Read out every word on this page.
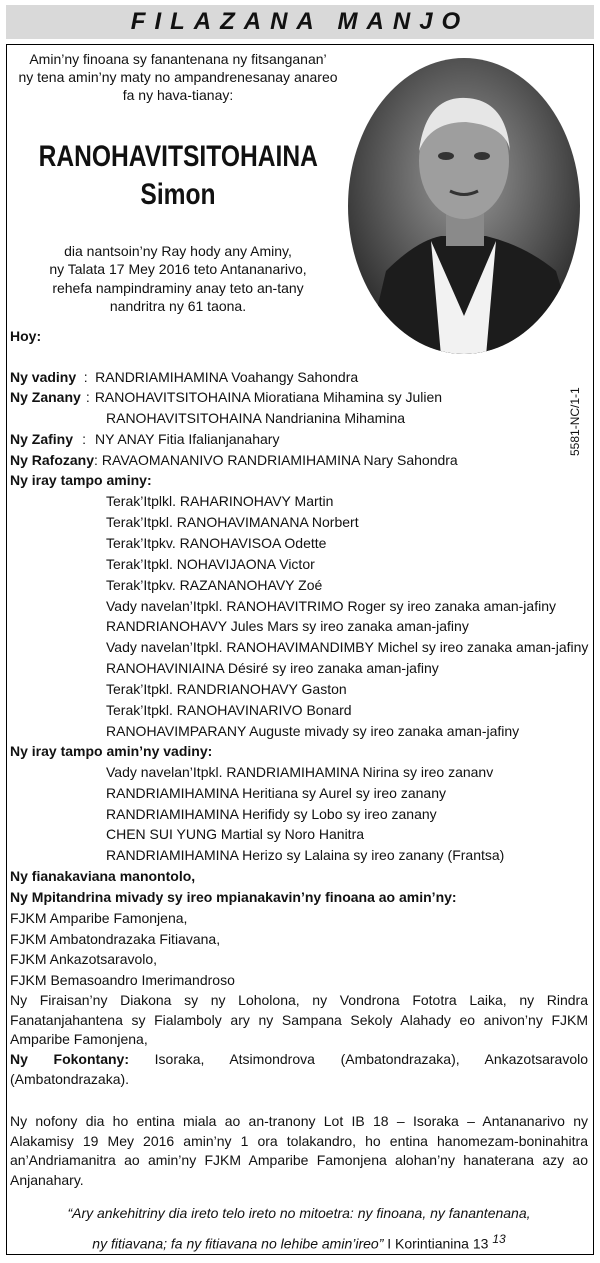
FILAZANA MANJO
Amin’ny finoana sy fanantenana ny fitsanganan’
ny tena amin’ny maty no ampandrenesanay anareo
fa ny hava-tianay:
RANOHAVITSITOHAINA
Simon
dia nantsoin’ny Ray hody any Aminy,
ny Talata 17 Mey 2016 teto Antananarivo,
rehefa nampindraminy anay teto an-tany
nandritra ny 61 taona.
5581-NC/1-1
Hoy:
Ny vadiny : RANDRIAMIHAMINA Voahangy Sahondra
Ny Zanany : RANOHAVITSITOHAINA Mioratiana Mihamina sy Julien
RANOHAVITSITOHAINA Nandrianina Mihamina
Ny Zafiny : NY ANAY Fitia Ifalianjanahary
Ny Rafozany: RAVAOMANANIVO RANDRIAMIHAMINA Nary Sahondra
Ny iray tampo aminy:
Terak’Itplkl. RAHARINOHAVY Martin
Terak’Itpkl. RANOHAVIMANANA Norbert
Terak’Itpkv. RANOHAVISOA Odette
Terak’Itpkl. NOHAVIJAONA Victor
Terak’Itpkv. RAZANANOHAVY Zoé
Vady navelan’Itpkl. RANOHAVITRIMO Roger sy ireo zanaka aman-jafiny
RANDRIANOHAVY Jules Mars sy ireo zanaka aman-jafiny
Vady navelan’Itpkl. RANOHAVIMANDIMBY Michel sy ireo zanaka aman-jafiny
RANOHAVINIAINA Désiré sy ireo zanaka aman-jafiny
Terak’Itpkl. RANDRIANOHAVY Gaston
Terak’Itpkl. RANOHAVINARIVO Bonard
RANOHAVIMPARANY Auguste mivady sy ireo zanaka aman-jafiny
Ny iray tampo amin’ny vadiny:
Vady navelan’Itpkl. RANDRIAMIHAMINA Nirina sy ireo zananv
RANDRIAMIHAMINA Heritiana sy Aurel sy ireo zanany
RANDRIAMIHAMINA Herifidy sy Lobo sy ireo zanany
CHEN SUI YUNG Martial sy Noro Hanitra
RANDRIAMIHAMINA Herizo sy Lalaina sy ireo zanany (Frantsa)
Ny fianakaviana manontolo,
Ny Mpitandrina mivady sy ireo mpianakavin’ny finoana ao amin’ny:
FJKM Amparibe Famonjena,
FJKM Ambatondrazaka Fitiavana,
FJKM Ankazotsaravolo,
FJKM Bemasoandro Imerimandroso
Ny Firaisan’ny Diakona sy ny Loholona, ny Vondrona Fototra Laika, ny Rindra Fanatanjahantena sy Fialamboly ary ny Sampana Sekoly Alahady eo anivon’ny FJKM Amparibe Famonjena,
Ny Fokontany: Isoraka, Atsimondrova (Ambatondrazaka), Ankazotsaravolo (Ambatondrazaka).
Ny nofony dia ho entina miala ao an-tranony Lot IB 18 – Isoraka – Antananarivo ny Alakamisy 19 Mey 2016 amin’ny 1 ora tolakandro, ho entina hanomezam-boninahitra an’Andriamanitra ao amin’ny FJKM Amparibe Famonjena alohan’ny hanaterana azy ao Anjanahary.
“Ary ankehitriny dia ireto telo ireto no mitoetra: ny finoana, ny fanantenana,
ny fitiavana; fa ny fitiavana no lehibe amin’ireo” I Korintianina 13 $^{13}$
